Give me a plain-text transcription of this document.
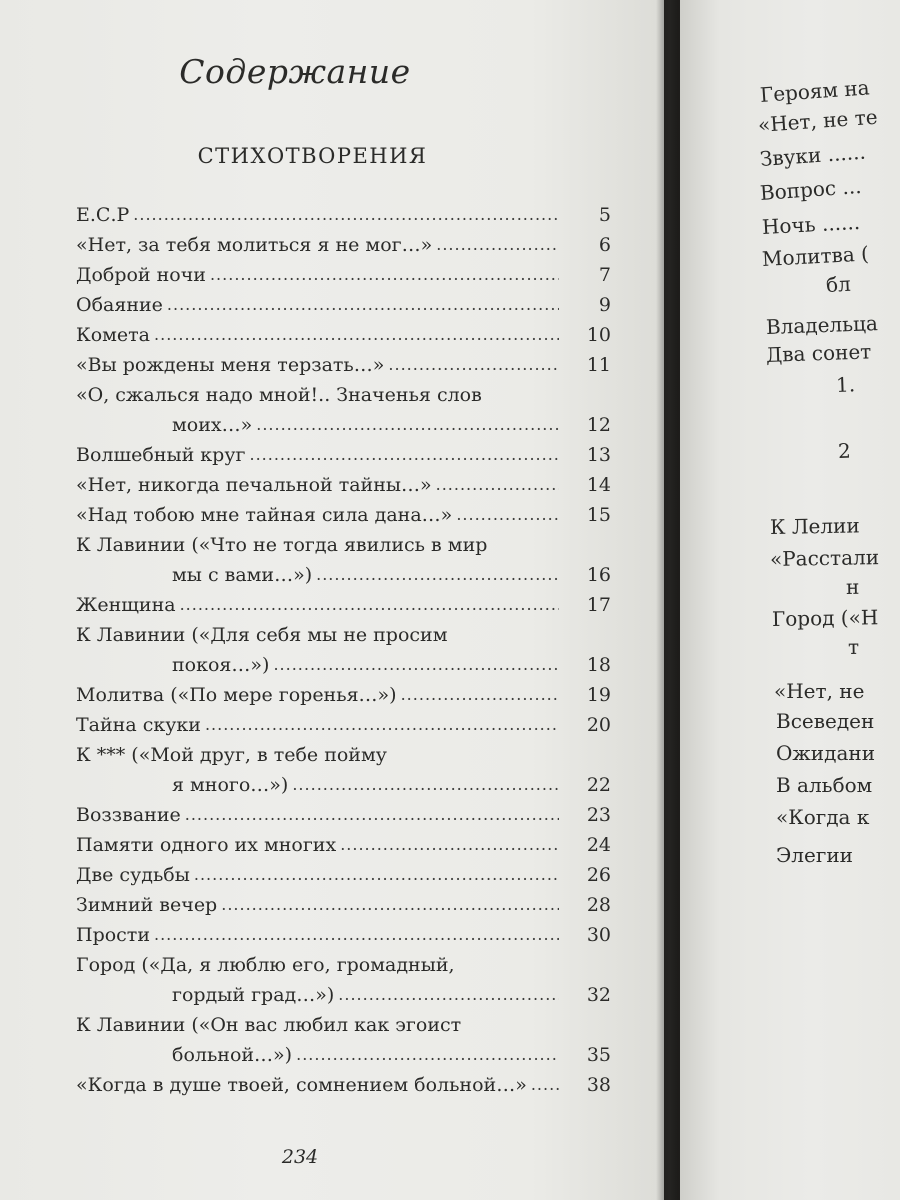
Содержание
СТИХОТВОРЕНИЯ
Е.С.Р .....	5
«Нет, за тебя молиться я не мог…» .....	6
Доброй ночи .....	7
Обаяние .....	9
Комета .....	10
«Вы рождены меня терзать…» .....	11
«О, сжалься надо мной!.. Значенья слов
моих…» .....	12
Волшебный круг .....	13
«Нет, никогда печальной тайны…» .....	14
«Над тобою мне тайная сила дана…» .....	15
К Лавинии («Что не тогда явились в мир
мы с вами…») .....	16
Женщина .....	17
К Лавинии («Для себя мы не просим
покоя…») .....	18
Молитва («По мере горенья…») .....	19
Тайна скуки .....	20
К *** («Мой друг, в тебе пойму
я много…») .....	22
Воззвание .....	23
Памяти одного их многих .....	24
Две судьбы .....	26
Зимний вечер .....	28
Прости .....	30
Город («Да, я люблю его, громадный,
гордый град…») .....	32
К Лавинии («Он вас любил как эгоист
больной…») .....	35
«Когда в душе твоей, сомнением больной…» .....	38
234
Героям на
«Нет, не те
Звуки ......
Вопрос ...
Ночь ......
Молитва (
бл
Владельца
Два сонет
1.
2
К Лелии
«Расстали
н
Город («Н
т
«Нет, не
Всеведен
Ожидани
В альбом
«Когда к
Элегии
